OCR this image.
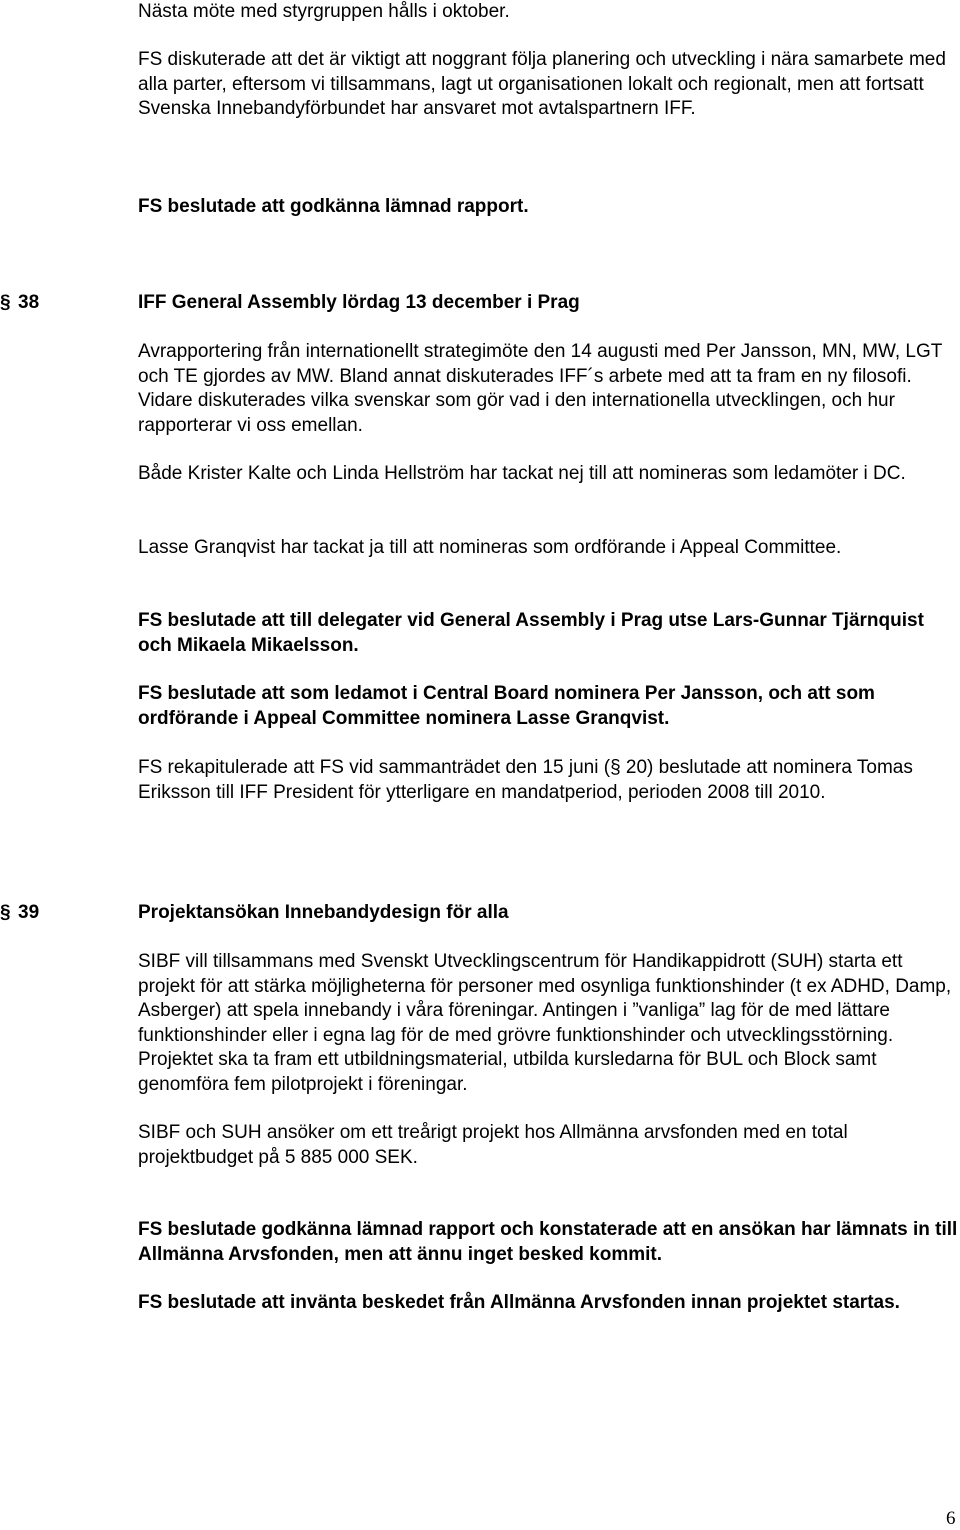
Nästa möte med styrgruppen hålls i oktober.

FS diskuterade att det är viktigt att noggrant följa planering och utveckling i nära samarbete med alla parter, eftersom vi tillsammans, lagt ut organisationen lokalt och regionalt, men att fortsatt Svenska Innebandyförbundet har ansvaret mot avtalspartnern IFF.

FS beslutade att godkänna lämnad rapport.

§ 38	IFF General Assembly lördag 13 december i Prag

Avrapportering från internationellt strategimöte den 14 augusti med Per Jansson, MN, MW, LGT och TE gjordes av MW. Bland annat diskuterades IFF´s arbete med att ta fram en ny filosofi. Vidare diskuterades vilka svenskar som gör vad i den internationella utvecklingen, och hur rapporterar vi oss emellan.

Både Krister Kalte och Linda Hellström har tackat nej till att nomineras som ledamöter i DC.

Lasse Granqvist har tackat ja till att nomineras som ordförande i Appeal Committee.

FS beslutade att till delegater vid General Assembly i Prag utse Lars-Gunnar Tjärnquist och Mikaela Mikaelsson.

FS beslutade att som ledamot i Central Board nominera Per Jansson, och att som ordförande i Appeal Committee nominera Lasse Granqvist.

FS rekapitulerade att FS vid sammanträdet den 15 juni (§ 20) beslutade att nominera Tomas Eriksson till IFF President för ytterligare en mandatperiod, perioden 2008 till 2010.

§ 39	Projektansökan Innebandydesign för alla

SIBF vill tillsammans med Svenskt Utvecklingscentrum för Handikappidrott (SUH) starta ett projekt för att stärka möjligheterna för personer med osynliga funktionshinder (t ex ADHD, Damp, Asberger) att spela innebandy i våra föreningar. Antingen i ”vanliga” lag för de med lättare funktionshinder eller i egna lag för de med grövre funktionshinder och utvecklingsstörning. Projektet ska ta fram ett utbildningsmaterial, utbilda kursledarna för BUL och Block samt genomföra fem pilotprojekt i föreningar.

SIBF och SUH ansöker om ett treårigt projekt hos Allmänna arvsfonden med en total projektbudget på 5 885 000 SEK.

FS beslutade godkänna lämnad rapport och konstaterade att en ansökan har lämnats in till Allmänna Arvsfonden, men att ännu inget besked kommit.

FS beslutade att invänta beskedet från Allmänna Arvsfonden innan projektet startas.

6
